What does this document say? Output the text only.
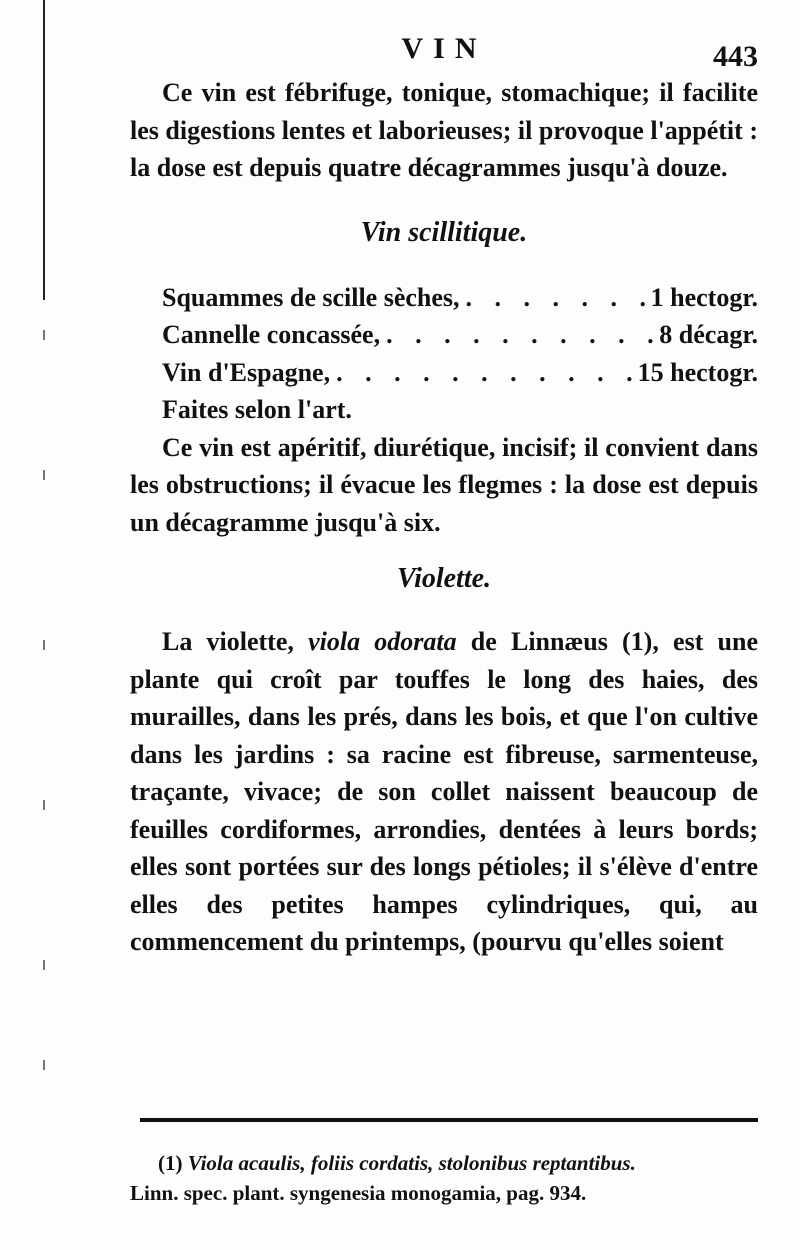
VIN	443

Ce vin est fébrifuge, tonique, stomachique; il facilite les digestions lentes et laborieuses; il provoque l'appétit : la dose est depuis quatre décagrammes jusqu'à douze.

Vin scillitique.
Squammes de scille sèches, . . .	1 hectogr.
Cannelle concassée, . . .	8 décagr.
Vin d'Espagne, . . .	15 hectogr.
Faites selon l'art.

Ce vin est apéritif, diurétique, incisif; il convient dans les obstructions; il évacue les flegmes : la dose est depuis un décagramme jusqu'à six.

Violette.

La violette, viola odorata de Linnæus (1), est une plante qui croît par touffes le long des haies, des murailles, dans les prés, dans les bois, et que l'on cultive dans les jardins : sa racine est fibreuse, sarmenteuse, traçante, vivace; de son collet naissent beaucoup de feuilles cordiformes, arrondies, dentées à leurs bords; elles sont portées sur des longs pétioles; il s'élève d'entre elles des petites hampes cylindriques, qui, au commencement du printemps, (pourvu qu'elles soient

(1) Viola acaulis, foliis cordatis, stolonibus reptantibus.
Linn. spec. plant. syngenesia monogamia, pag. 934.
